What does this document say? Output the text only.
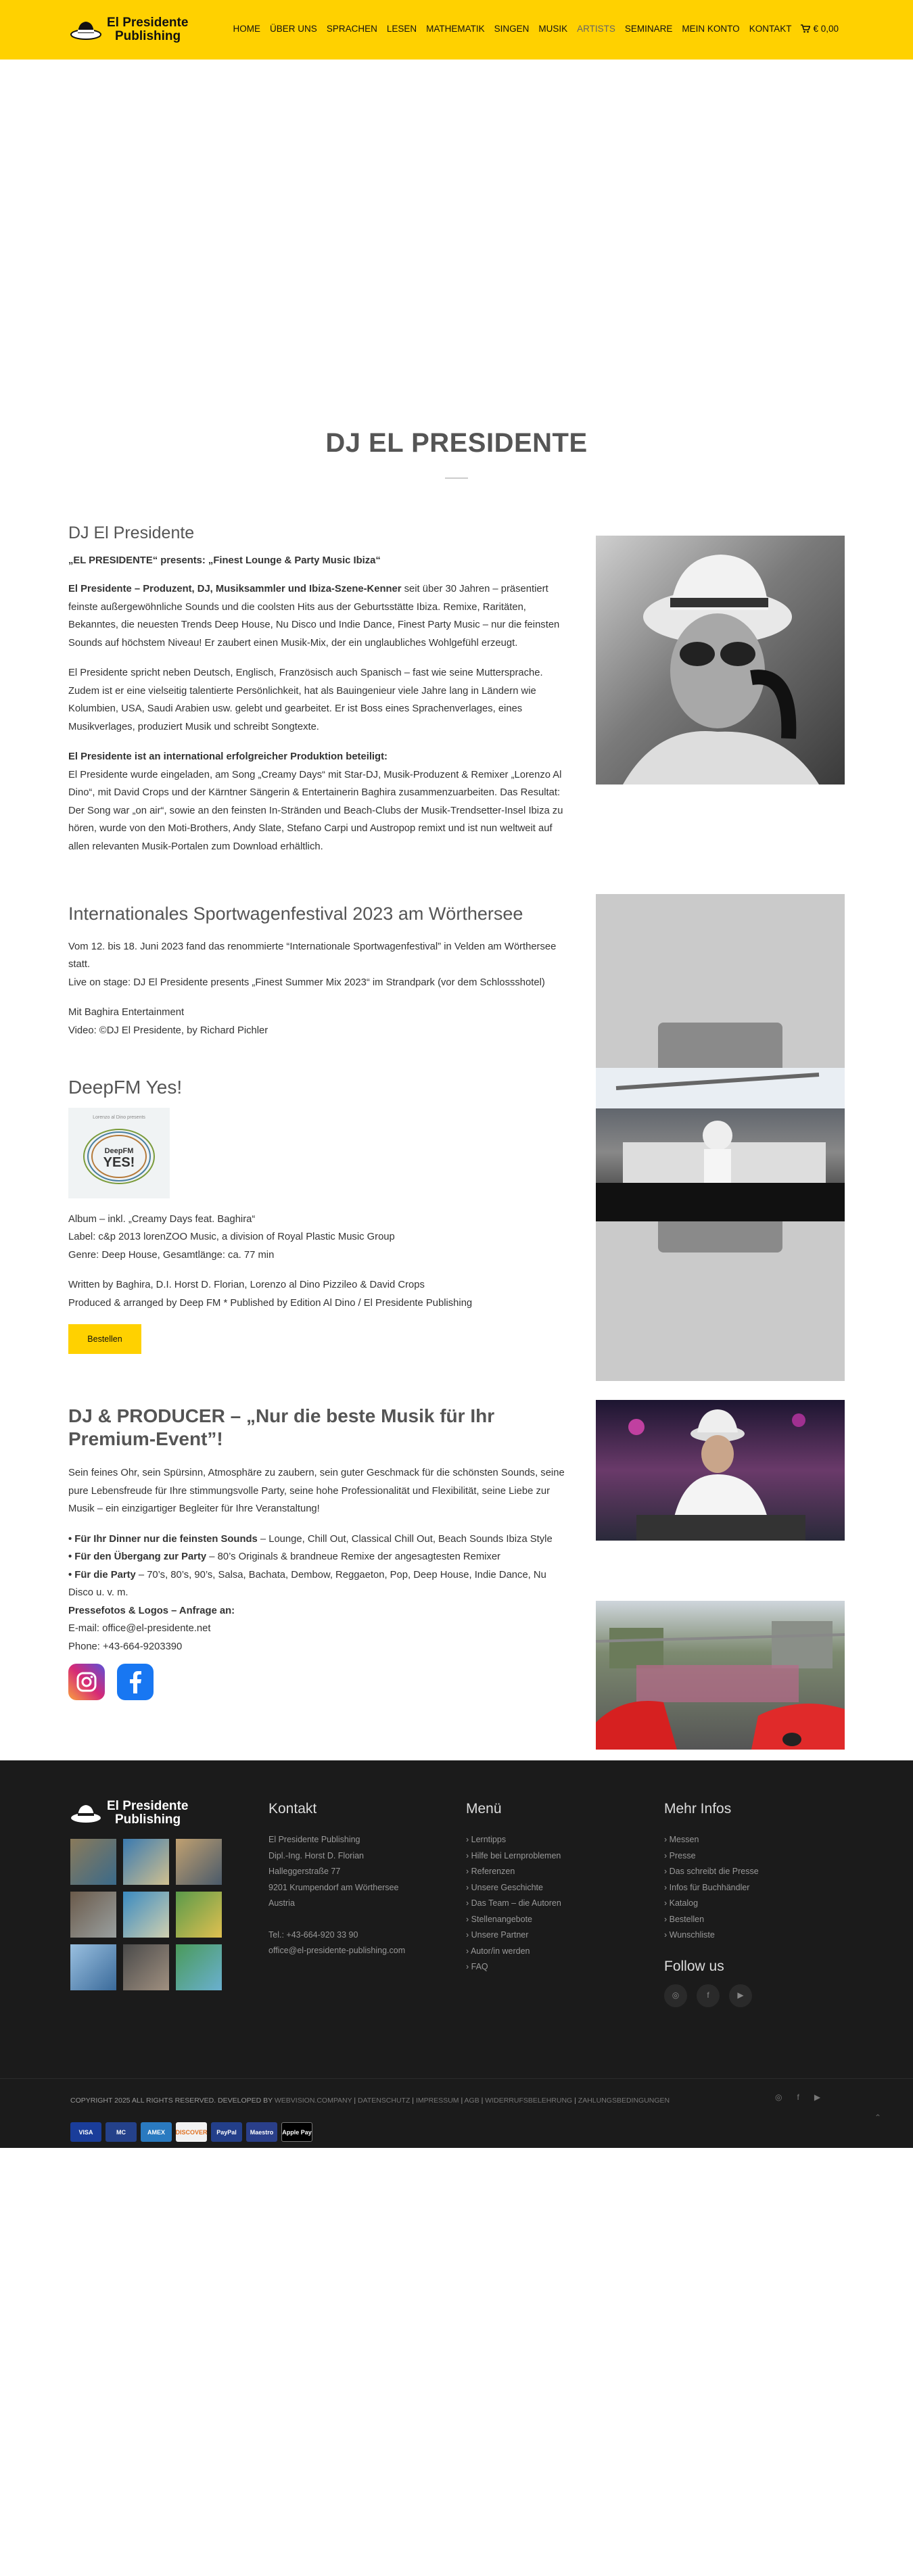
El Presidente
Publishing
HOME ÜBER UNS SPRACHEN LESEN MATHEMATIK SINGEN MUSIK ARTISTS SEMINARE MEIN KONTO KONTAKT € 0,00
DJ EL PRESIDENTE
DJ El Presidente

„EL PRESIDENTE“ presents: „Finest Lounge & Party Music Ibiza“

El Presidente – Produzent, DJ, Musiksammler und Ibiza-Szene-Kenner seit über 30 Jahren – präsentiert feinste außergewöhnliche Sounds und die coolsten Hits aus der Geburtsstätte Ibiza. Remixe, Raritäten, Bekanntes, die neuesten Trends Deep House, Nu Disco und Indie Dance, Finest Party Music – nur die feinsten Sounds auf höchstem Niveau! Er zaubert einen Musik-Mix, der ein unglaubliches Wohlgefühl erzeugt.

El Presidente spricht neben Deutsch, Englisch, Französisch auch Spanisch – fast wie seine Muttersprache. Zudem ist er eine vielseitig talentierte Persönlichkeit, hat als Bauingenieur viele Jahre lang in Ländern wie Kolumbien, USA, Saudi Arabien usw. gelebt und gearbeitet. Er ist Boss eines Sprachenverlages, eines Musikverlages, produziert Musik und schreibt Songtexte.

El Presidente ist an international erfolgreicher Produktion beteiligt:
El Presidente wurde eingeladen, am Song „Creamy Days“ mit Star-DJ, Musik-Produzent & Remixer „Lorenzo Al Dino“, mit David Crops und der Kärntner Sängerin & Entertainerin Baghira zusammenzuarbeiten. Das Resultat: Der Song war „on air“, sowie an den feinsten In-Stränden und Beach-Clubs der Musik-Trendsetter-Insel Ibiza zu hören, wurde von den Moti-Brothers, Andy Slate, Stefano Carpi und Austropop remixt und ist nun weltweit auf allen relevanten Musik-Portalen zum Download erhältlich.

Internationales Sportwagenfestival 2023 am Wörthersee
Vom 12. bis 18. Juni 2023 fand das renommierte “Internationale Sportwagenfestival” in Velden am Wörthersee statt.
Live on stage: DJ El Presidente presents „Finest Summer Mix 2023“ im Strandpark (vor dem Schlossshotel)
Mit Baghira Entertainment
Video: ©DJ El Presidente, by Richard Pichler
DeepFM Yes!
Lorenzo al Dino presents
DeepFM
YES!
Album – inkl. „Creamy Days feat. Baghira“
Label: c&p 2013 lorenZOO Music, a division of Royal Plastic Music Group
Genre: Deep House, Gesamtlänge: ca. 77 min
Written by Baghira, D.I. Horst D. Florian, Lorenzo al Dino Pizzileo & David Crops
Produced & arranged by Deep FM * Published by Edition Al Dino / El Presidente Publishing
Bestellen
DJ & PRODUCER – „Nur die beste Musik für Ihr Premium-Event”!

Sein feines Ohr, sein Spürsinn, Atmosphäre zu zaubern, sein guter Geschmack für die schönsten Sounds, seine pure Lebensfreude für Ihre stimmungsvolle Party, seine hohe Professionalität und Flexibilität, seine Liebe zur Musik – ein einzigartiger Begleiter für Ihre Veranstaltung!

• Für Ihr Dinner nur die feinsten Sounds – Lounge, Chill Out, Classical Chill Out, Beach Sounds Ibiza Style
• Für den Übergang zur Party – 80’s Originals & brandneue Remixe der angesagtesten Remixer
• Für die Party – 70’s, 80’s, 90’s, Salsa, Bachata, Dembow, Reggaeton, Pop, Deep House, Indie Dance, Nu Disco u. v. m.
Pressefotos & Logos – Anfrage an:
E-mail: office@el-presidente.net
Phone: +43-664-9203390
El Presidente
Publishing
Kontakt
El Presidente Publishing
Dipl.-Ing. Horst D. Florian
Halleggerstraße 77
9201 Krumpendorf am Wörthersee
Austria
Tel.: +43-664-920 33 90
office@el-presidente-publishing.com
Menü
› Lerntipps
› Hilfe bei Lernproblemen
› Referenzen
› Unsere Geschichte
› Das Team – die Autoren
› Stellenangebote
› Unsere Partner
› Autor/in werden
› FAQ
Mehr Infos
› Messen
› Presse
› Das schreibt die Presse
› Infos für Buchhändler
› Katalog
› Bestellen
› Wunschliste
Follow us
◎	f	▶
COPYRIGHT 2025 ALL RIGHTS RESERVED. DEVELOPED BY WEBVISION.COMPANY | DATENSCHUTZ | IMPRESSUM | AGB | WIDERRUFSBELEHRUNG | ZAHLUNGSBEDINGUNGEN	◎ f ▶
VISA	MC	AMEX	DISCOVER	PayPal	Maestro	Apple Pay
⌃
